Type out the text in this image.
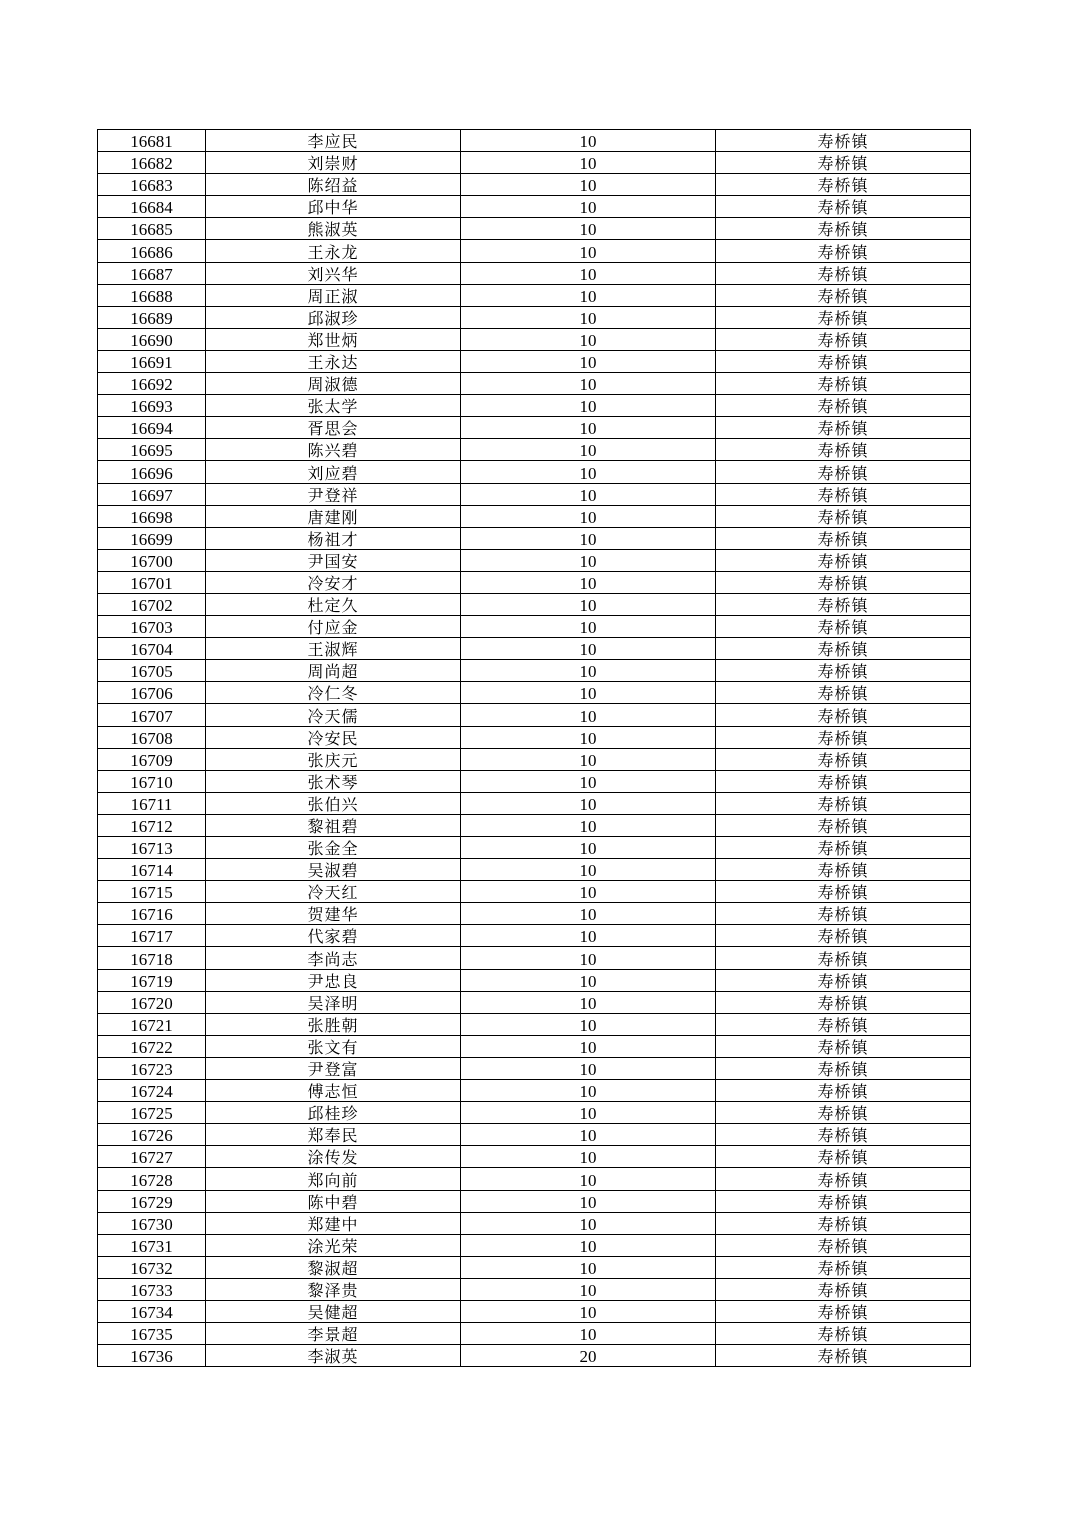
16681	李应民	10	寿桥镇
16682	刘崇财	10	寿桥镇
16683	陈绍益	10	寿桥镇
16684	邱中华	10	寿桥镇
16685	熊淑英	10	寿桥镇
16686	王永龙	10	寿桥镇
16687	刘兴华	10	寿桥镇
16688	周正淑	10	寿桥镇
16689	邱淑珍	10	寿桥镇
16690	郑世炳	10	寿桥镇
16691	王永达	10	寿桥镇
16692	周淑德	10	寿桥镇
16693	张太学	10	寿桥镇
16694	胥思会	10	寿桥镇
16695	陈兴碧	10	寿桥镇
16696	刘应碧	10	寿桥镇
16697	尹登祥	10	寿桥镇
16698	唐建刚	10	寿桥镇
16699	杨祖才	10	寿桥镇
16700	尹国安	10	寿桥镇
16701	冷安才	10	寿桥镇
16702	杜定久	10	寿桥镇
16703	付应金	10	寿桥镇
16704	王淑辉	10	寿桥镇
16705	周尚超	10	寿桥镇
16706	冷仁冬	10	寿桥镇
16707	冷天儒	10	寿桥镇
16708	冷安民	10	寿桥镇
16709	张庆元	10	寿桥镇
16710	张术琴	10	寿桥镇
16711	张伯兴	10	寿桥镇
16712	黎祖碧	10	寿桥镇
16713	张金全	10	寿桥镇
16714	吴淑碧	10	寿桥镇
16715	冷天红	10	寿桥镇
16716	贺建华	10	寿桥镇
16717	代家碧	10	寿桥镇
16718	李尚志	10	寿桥镇
16719	尹忠良	10	寿桥镇
16720	吴泽明	10	寿桥镇
16721	张胜朝	10	寿桥镇
16722	张文有	10	寿桥镇
16723	尹登富	10	寿桥镇
16724	傅志恒	10	寿桥镇
16725	邱桂珍	10	寿桥镇
16726	郑奉民	10	寿桥镇
16727	涂传发	10	寿桥镇
16728	郑向前	10	寿桥镇
16729	陈中碧	10	寿桥镇
16730	郑建中	10	寿桥镇
16731	涂光荣	10	寿桥镇
16732	黎淑超	10	寿桥镇
16733	黎泽贵	10	寿桥镇
16734	吴健超	10	寿桥镇
16735	李景超	10	寿桥镇
16736	李淑英	20	寿桥镇
